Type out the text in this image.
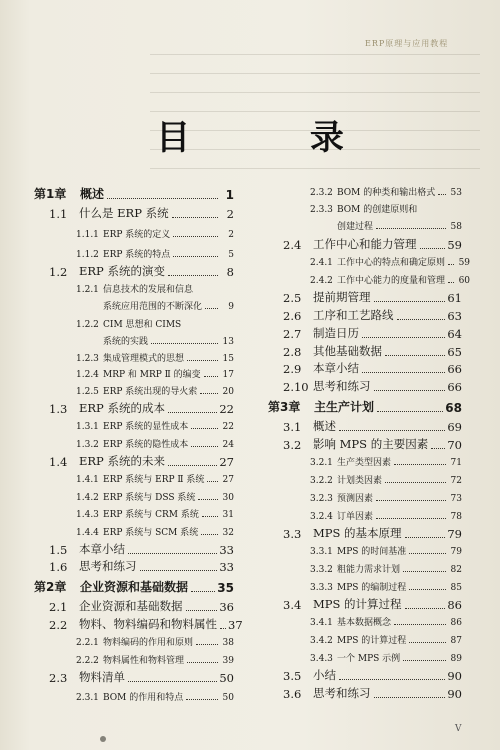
ERP原理与应用教程
目 录
第1章	概述	1
1.1	什么是 ERP 系统	2
1.1.1 ERP 系统的定义	2
1.1.2 ERP 系统的特点	5
1.2	ERP 系统的演变	8
1.2.1 信息技术的发展和信息
系统应用范围的不断深化	9
1.2.2 CIM 思想和 CIMS
系统的实践	13
1.2.3 集成管理模式的思想	15
1.2.4 MRP 和 MRP Ⅱ 的编变 17
1.2.5 ERP 系统出现的导火索	20
1.3	ERP 系统的成本	22
1.3.1 ERP 系统的显性成本	22
1.3.2 ERP 系统的隐性成本	24
1.4	ERP 系统的未来	27
1.4.1 ERP 系统与 ERP Ⅱ 系统 27
1.4.2 ERP 系统与 DSS 系统	30
1.4.3 ERP 系统与 CRM 系统	31
1.4.4 ERP 系统与 SCM 系统	32
1.5	本章小结	33
1.6	思考和练习	33
第2章	企业资源和基础数据 35
2.1	企业资源和基础数据	36
2.2	物料、物料编码和物料属性 37
2.2.1 物料编码的作用和原则	38
2.2.2 物料属性和物料管理	39
2.3	物料清单	50
2.3.1 BOM 的作用和特点	50
2.3.2 BOM 的种类和输出格式 53
2.3.3 BOM 的创建原则和
创建过程	58
2.4	工作中心和能力管理	59
2.4.1 工作中心的特点和确定原则 59
2.4.2 工作中心能力的度量和管理 60
2.5	提前期管理	61
2.6	工序和工艺路线	63
2.7	制造日历	64
2.8	其他基础数据	65
2.9	本章小结	66
2.10 思考和练习	66
第3章	主生产计划	68
3.1	概述	69
3.2	影响 MPS 的主要因素 70
3.2.1 生产类型因素	71
3.2.2 计划类因素	72
3.2.3 预测因素	73
3.2.4 订单因素	78
3.3	MPS 的基本原理	79
3.3.1 MPS 的时间基准	79
3.3.2 粗能力需求计划	82
3.3.3 MPS 的编制过程	85
3.4	MPS 的计算过程	86
3.4.1 基本数据概念	86
3.4.2 MPS 的计算过程	87
3.4.3 一个 MPS 示例	89
3.5	小结	90
3.6	思考和练习	90
Ⅴ
